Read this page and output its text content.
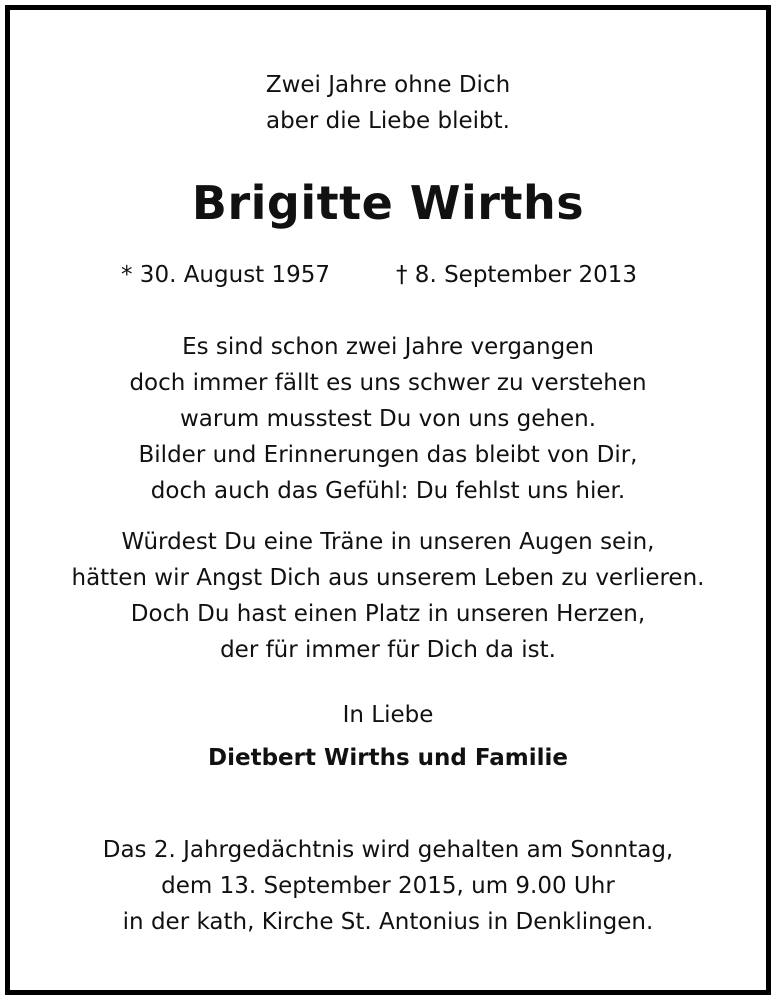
Zwei Jahre ohne Dich
aber die Liebe bleibt.
Brigitte Wirths
* 30. August 1957	† 8. September 2013
Es sind schon zwei Jahre vergangen
doch immer fällt es uns schwer zu verstehen
warum musstest Du von uns gehen.
Bilder und Erinnerungen das bleibt von Dir,
doch auch das Gefühl: Du fehlst uns hier.
Würdest Du eine Träne in unseren Augen sein,
hätten wir Angst Dich aus unserem Leben zu verlieren.
Doch Du hast einen Platz in unseren Herzen,
der für immer für Dich da ist.
In Liebe
Dietbert Wirths und Familie
Das 2. Jahrgedächtnis wird gehalten am Sonntag,
dem 13. September 2015, um 9.00 Uhr
in der kath, Kirche St. Antonius in Denklingen.
